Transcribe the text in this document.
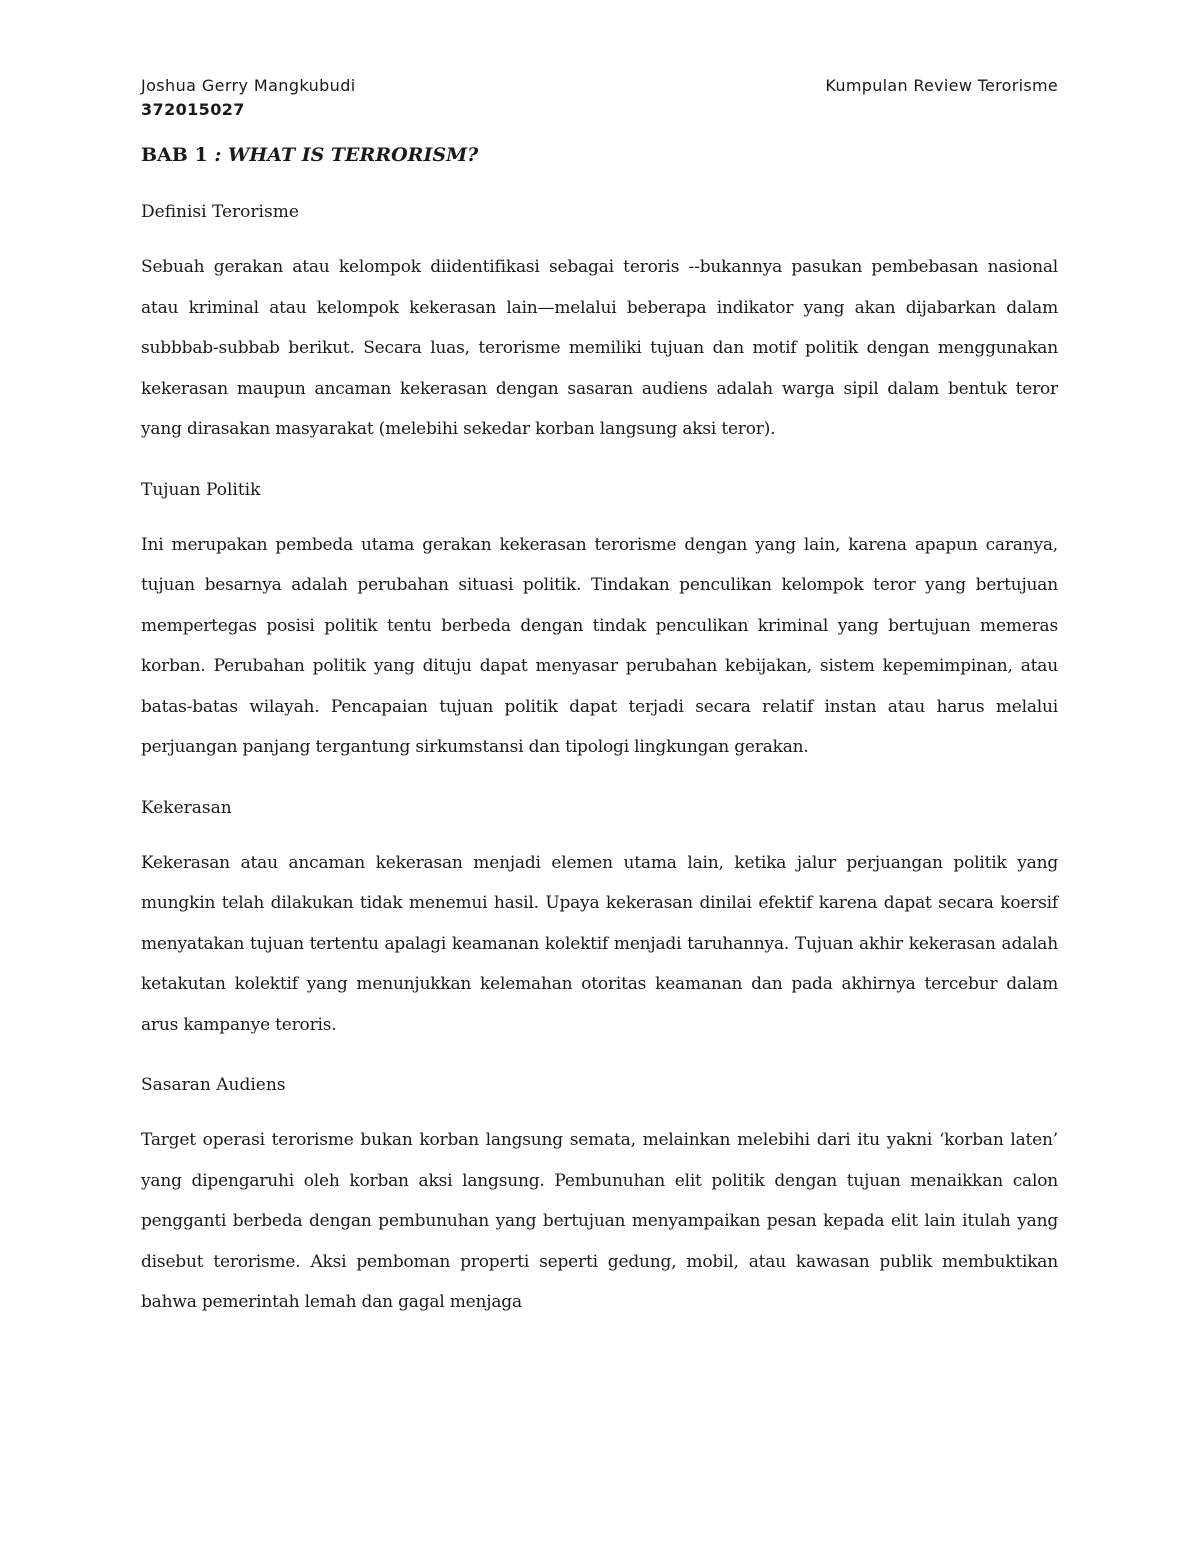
Joshua Gerry Mangkubudi
372015027
Kumpulan Review Terorisme
BAB 1 : WHAT IS TERRORISM?
Definisi Terorisme
Sebuah gerakan atau kelompok diidentifikasi sebagai teroris --bukannya pasukan pembebasan nasional atau kriminal atau kelompok kekerasan lain—melalui beberapa indikator yang akan dijabarkan dalam subbbab-subbab berikut. Secara luas, terorisme memiliki tujuan dan motif politik dengan menggunakan kekerasan maupun ancaman kekerasan dengan sasaran audiens adalah warga sipil dalam bentuk teror yang dirasakan masyarakat (melebihi sekedar korban langsung aksi teror).
Tujuan Politik
Ini merupakan pembeda utama gerakan kekerasan terorisme dengan yang lain, karena apapun caranya, tujuan besarnya adalah perubahan situasi politik. Tindakan penculikan kelompok teror yang bertujuan mempertegas posisi politik tentu berbeda dengan tindak penculikan kriminal yang bertujuan memeras korban. Perubahan politik yang dituju dapat menyasar perubahan kebijakan, sistem kepemimpinan, atau batas-batas wilayah. Pencapaian tujuan politik dapat terjadi secara relatif instan atau harus melalui perjuangan panjang tergantung sirkumstansi dan tipologi lingkungan gerakan.
Kekerasan
Kekerasan atau ancaman kekerasan menjadi elemen utama lain, ketika jalur perjuangan politik yang mungkin telah dilakukan tidak menemui hasil. Upaya kekerasan dinilai efektif karena dapat secara koersif menyatakan tujuan tertentu apalagi keamanan kolektif menjadi taruhannya. Tujuan akhir kekerasan adalah ketakutan kolektif yang menunjukkan kelemahan otoritas keamanan dan pada akhirnya tercebur dalam arus kampanye teroris.
Sasaran Audiens
Target operasi terorisme bukan korban langsung semata, melainkan melebihi dari itu yakni ‘korban laten’ yang dipengaruhi oleh korban aksi langsung. Pembunuhan elit politik dengan tujuan menaikkan calon pengganti berbeda dengan pembunuhan yang bertujuan menyampaikan pesan kepada elit lain itulah yang disebut terorisme. Aksi pemboman properti seperti gedung, mobil, atau kawasan publik membuktikan bahwa pemerintah lemah dan gagal menjaga
